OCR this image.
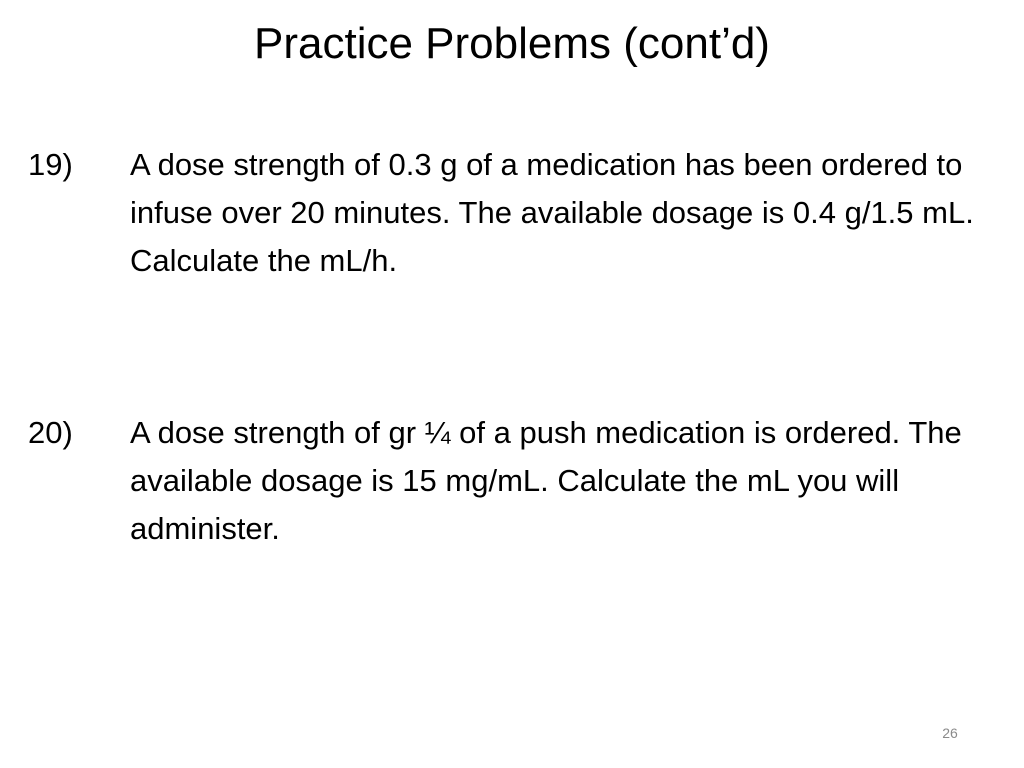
Practice Problems (cont’d)
19)	A dose strength of 0.3 g of a medication has been ordered to infuse over 20 minutes. The available dosage is 0.4 g/1.5 mL. Calculate the mL/h.

20)	A dose strength of gr ¼ of a push medication is ordered. The available dosage is 15 mg/mL. Calculate the mL you will administer.

26
